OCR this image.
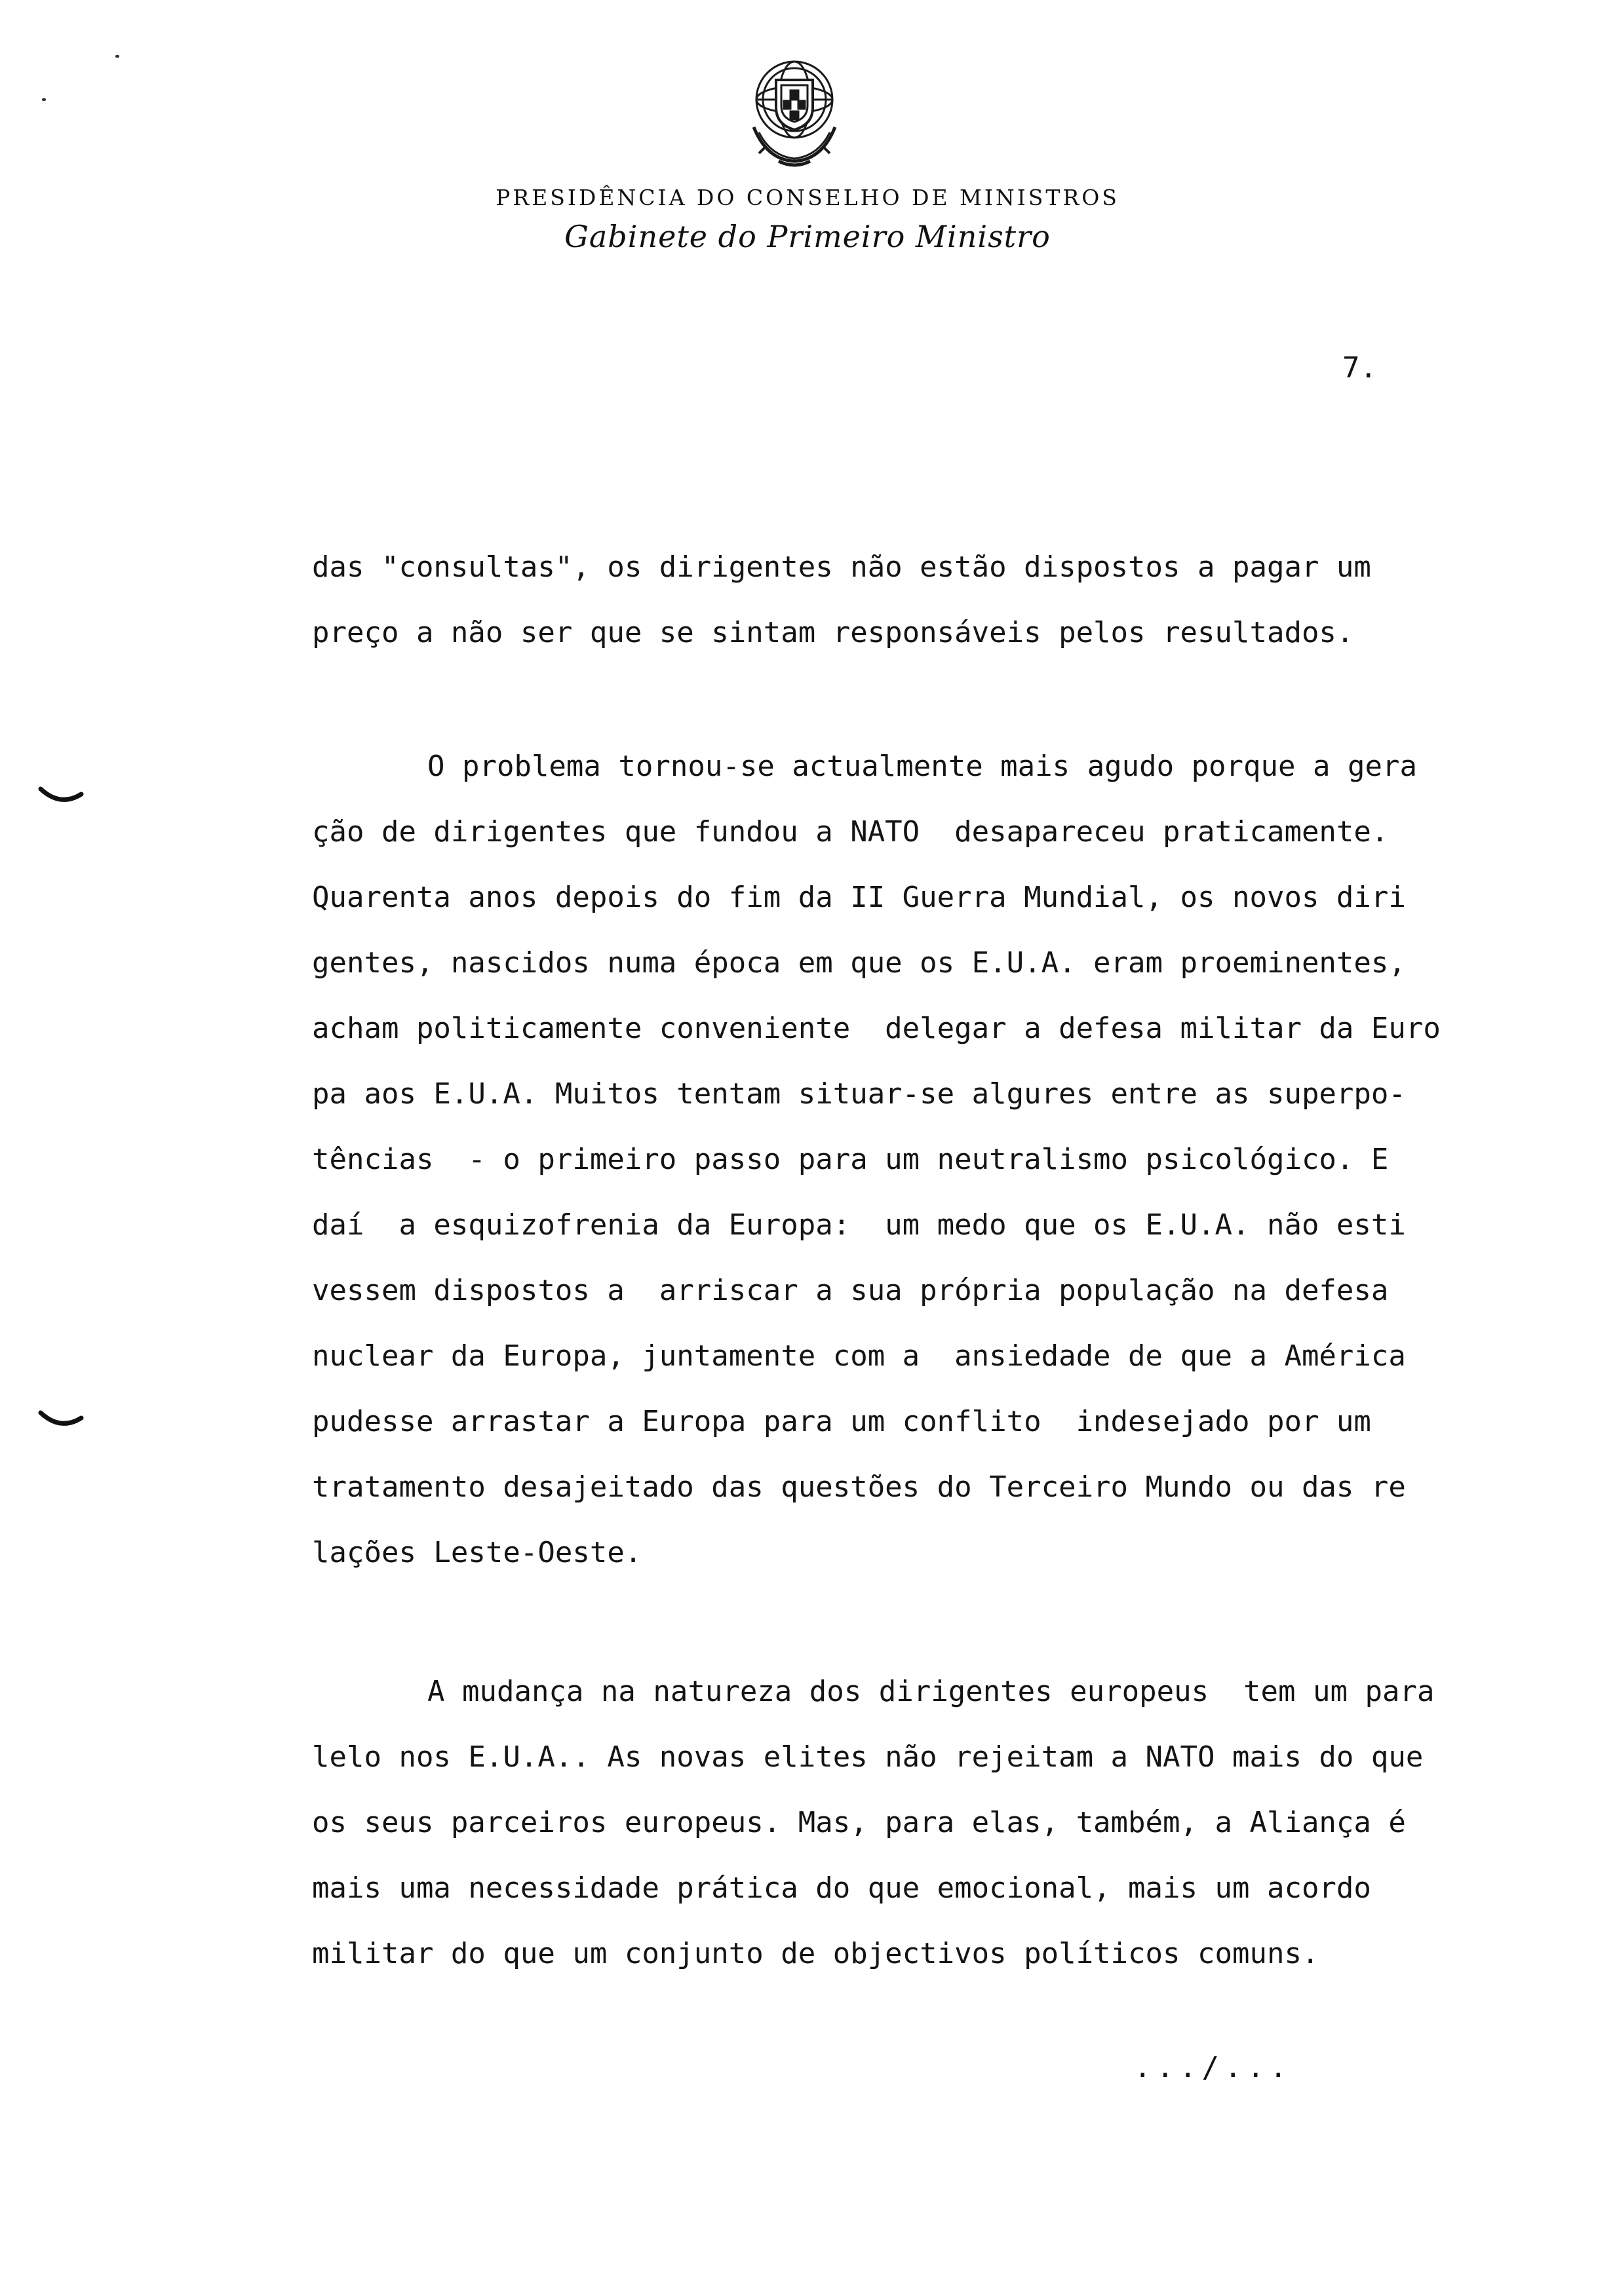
PRESIDÊNCIA DO CONSELHO DE MINISTROS
Gabinete do Primeiro Ministro
7.
das "consultas", os dirigentes não estão dispostos a pagar um
preço a não ser que se sintam responsáveis pelos resultados.
O problema tornou-se actualmente mais agudo porque a gera
ção de dirigentes que fundou a NATO  desapareceu praticamente.
Quarenta anos depois do fim da II Guerra Mundial, os novos diri
gentes, nascidos numa época em que os E.U.A. eram proeminentes,
acham politicamente conveniente  delegar a defesa militar da Euro
pa aos E.U.A. Muitos tentam situar-se algures entre as superpo-
tências  - o primeiro passo para um neutralismo psicológico. E
daí  a esquizofrenia da Europa:  um medo que os E.U.A. não esti
vessem dispostos a  arriscar a sua própria população na defesa
nuclear da Europa, juntamente com a  ansiedade de que a América
pudesse arrastar a Europa para um conflito  indesejado por um
tratamento desajeitado das questões do Terceiro Mundo ou das re
lações Leste-Oeste.
A mudança na natureza dos dirigentes europeus  tem um para
lelo nos E.U.A.. As novas elites não rejeitam a NATO mais do que
os seus parceiros europeus. Mas, para elas, também, a Aliança é
mais uma necessidade prática do que emocional, mais um acordo
militar do que um conjunto de objectivos políticos comuns.
.../...
